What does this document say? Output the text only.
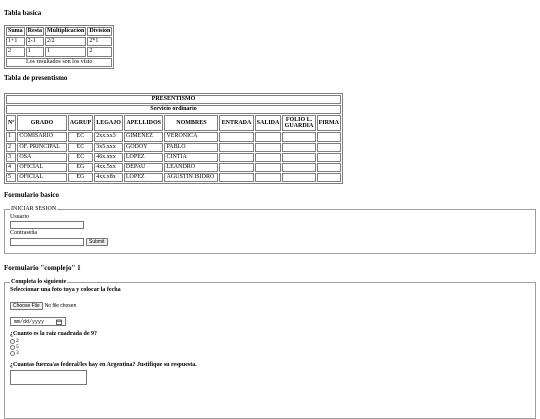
Tabla basica
Suma	Resta	Multiplicacion	Division
1+1	2-1	2/2	2*1
2	1	1	2
Los resultados son los visto			
Tabla de presentismo
PRESENTISMO									
Servicio ordinario									
Nº	GRADO	AGRUP	LEGAJO	APELLIDOS	NOMBRES	ENTRADA	SALIDA	FOLIO L. GUARDIA	FIRMA
1	COMISARIO	EC	2xx.xx3	GIMENEZ	VERONICA				
2	OF. PRINCIPAL	EC	3x5.xxx	GODOY	PABLO				
3	OSA	EC	46x.xxx	LOPEZ	CINTIA				
4	OFICIAL	EG	4xx.5xx	DEPAU	LEANDRO				
5	OFICIAL	EG	4xx.x8x	LOPEZ	AGUSTIN ISIDRO				
Formulario basico
INICIAR SESION
Usuario
Contraseña
Submit
Formulario "complejo" 1
Completa lo siguiente
Seleccionar una foto tuya y colocar la fecha
Choose File	No file chosen
mm/dd/yyyy
¿Cuanto es la raiz cuadrada de 9?
2
5
3
¿Cuantas fuerza/as federal/les hay en Argentina? Justifique su respuesta.
